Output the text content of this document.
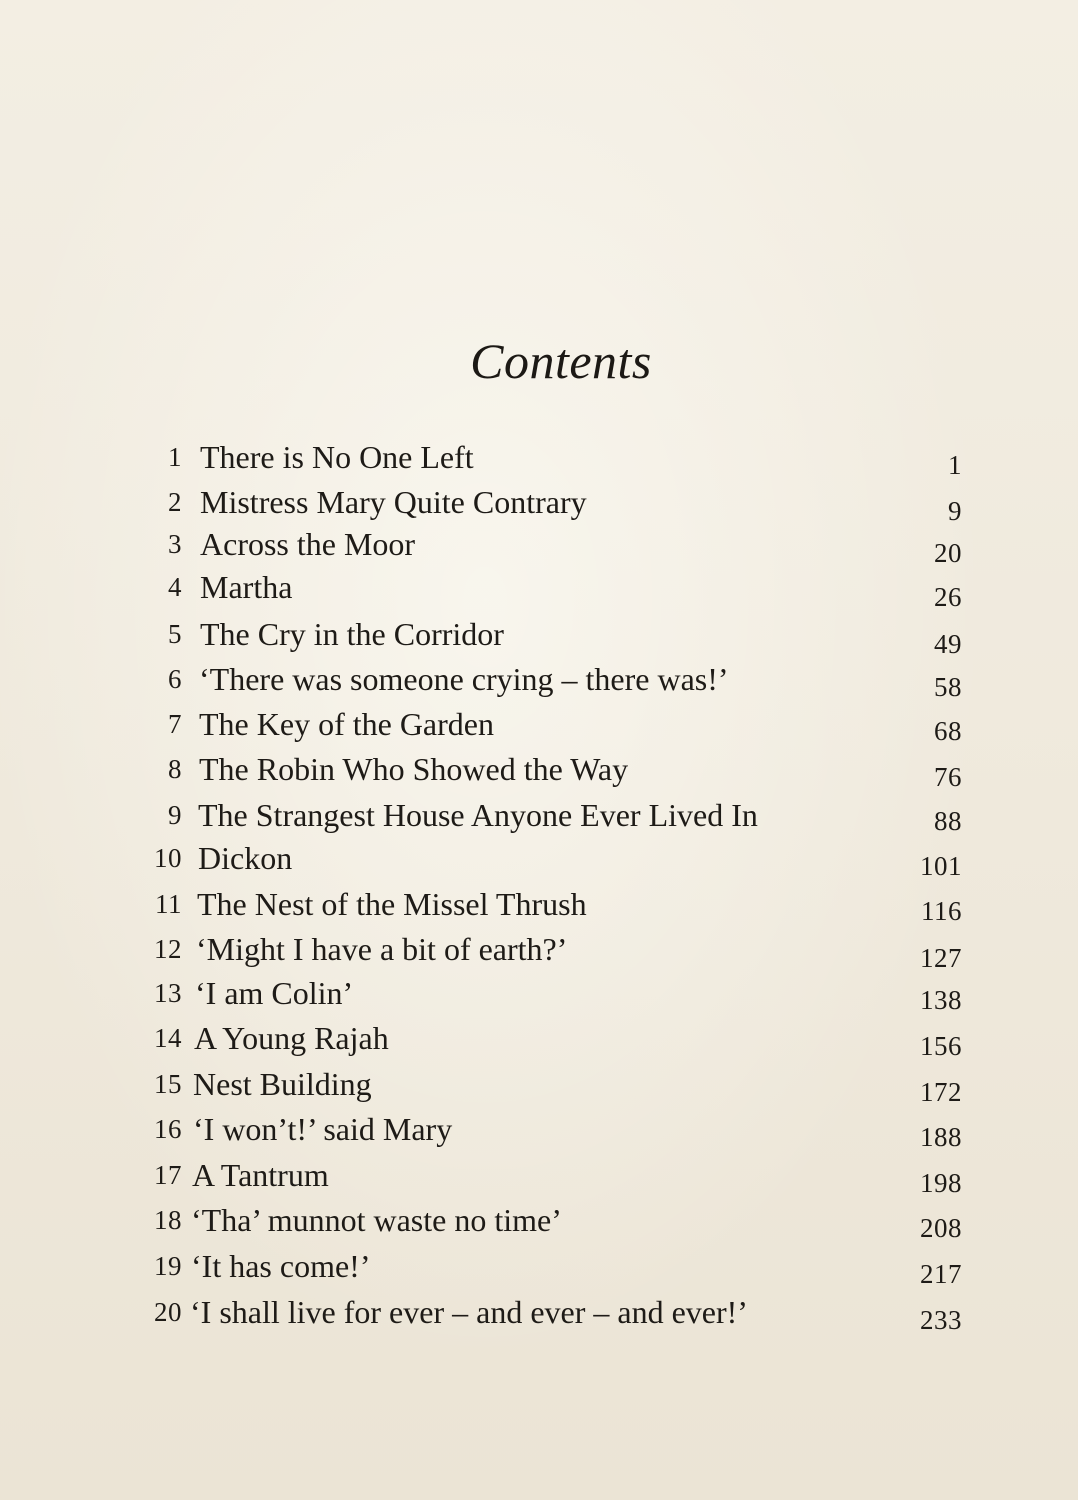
Contents
1 There is No One Left	1
2 Mistress Mary Quite Contrary	9
3 Across the Moor	20
4 Martha	26
5 The Cry in the Corridor	49
6 ‘There was someone crying – there was!’	58
7 The Key of the Garden	68
8 The Robin Who Showed the Way	76
9 The Strangest House Anyone Ever Lived In	88
10 Dickon	101
11 The Nest of the Missel Thrush	116
12 ‘Might I have a bit of earth?’	127
13 ‘I am Colin’	138
14 A Young Rajah	156
15 Nest Building	172
16 ‘I won’t!’ said Mary	188
17 A Tantrum	198
18 ‘Tha’ munnot waste no time’	208
19 ‘It has come!’	217
20 ‘I shall live for ever – and ever – and ever!’	233
